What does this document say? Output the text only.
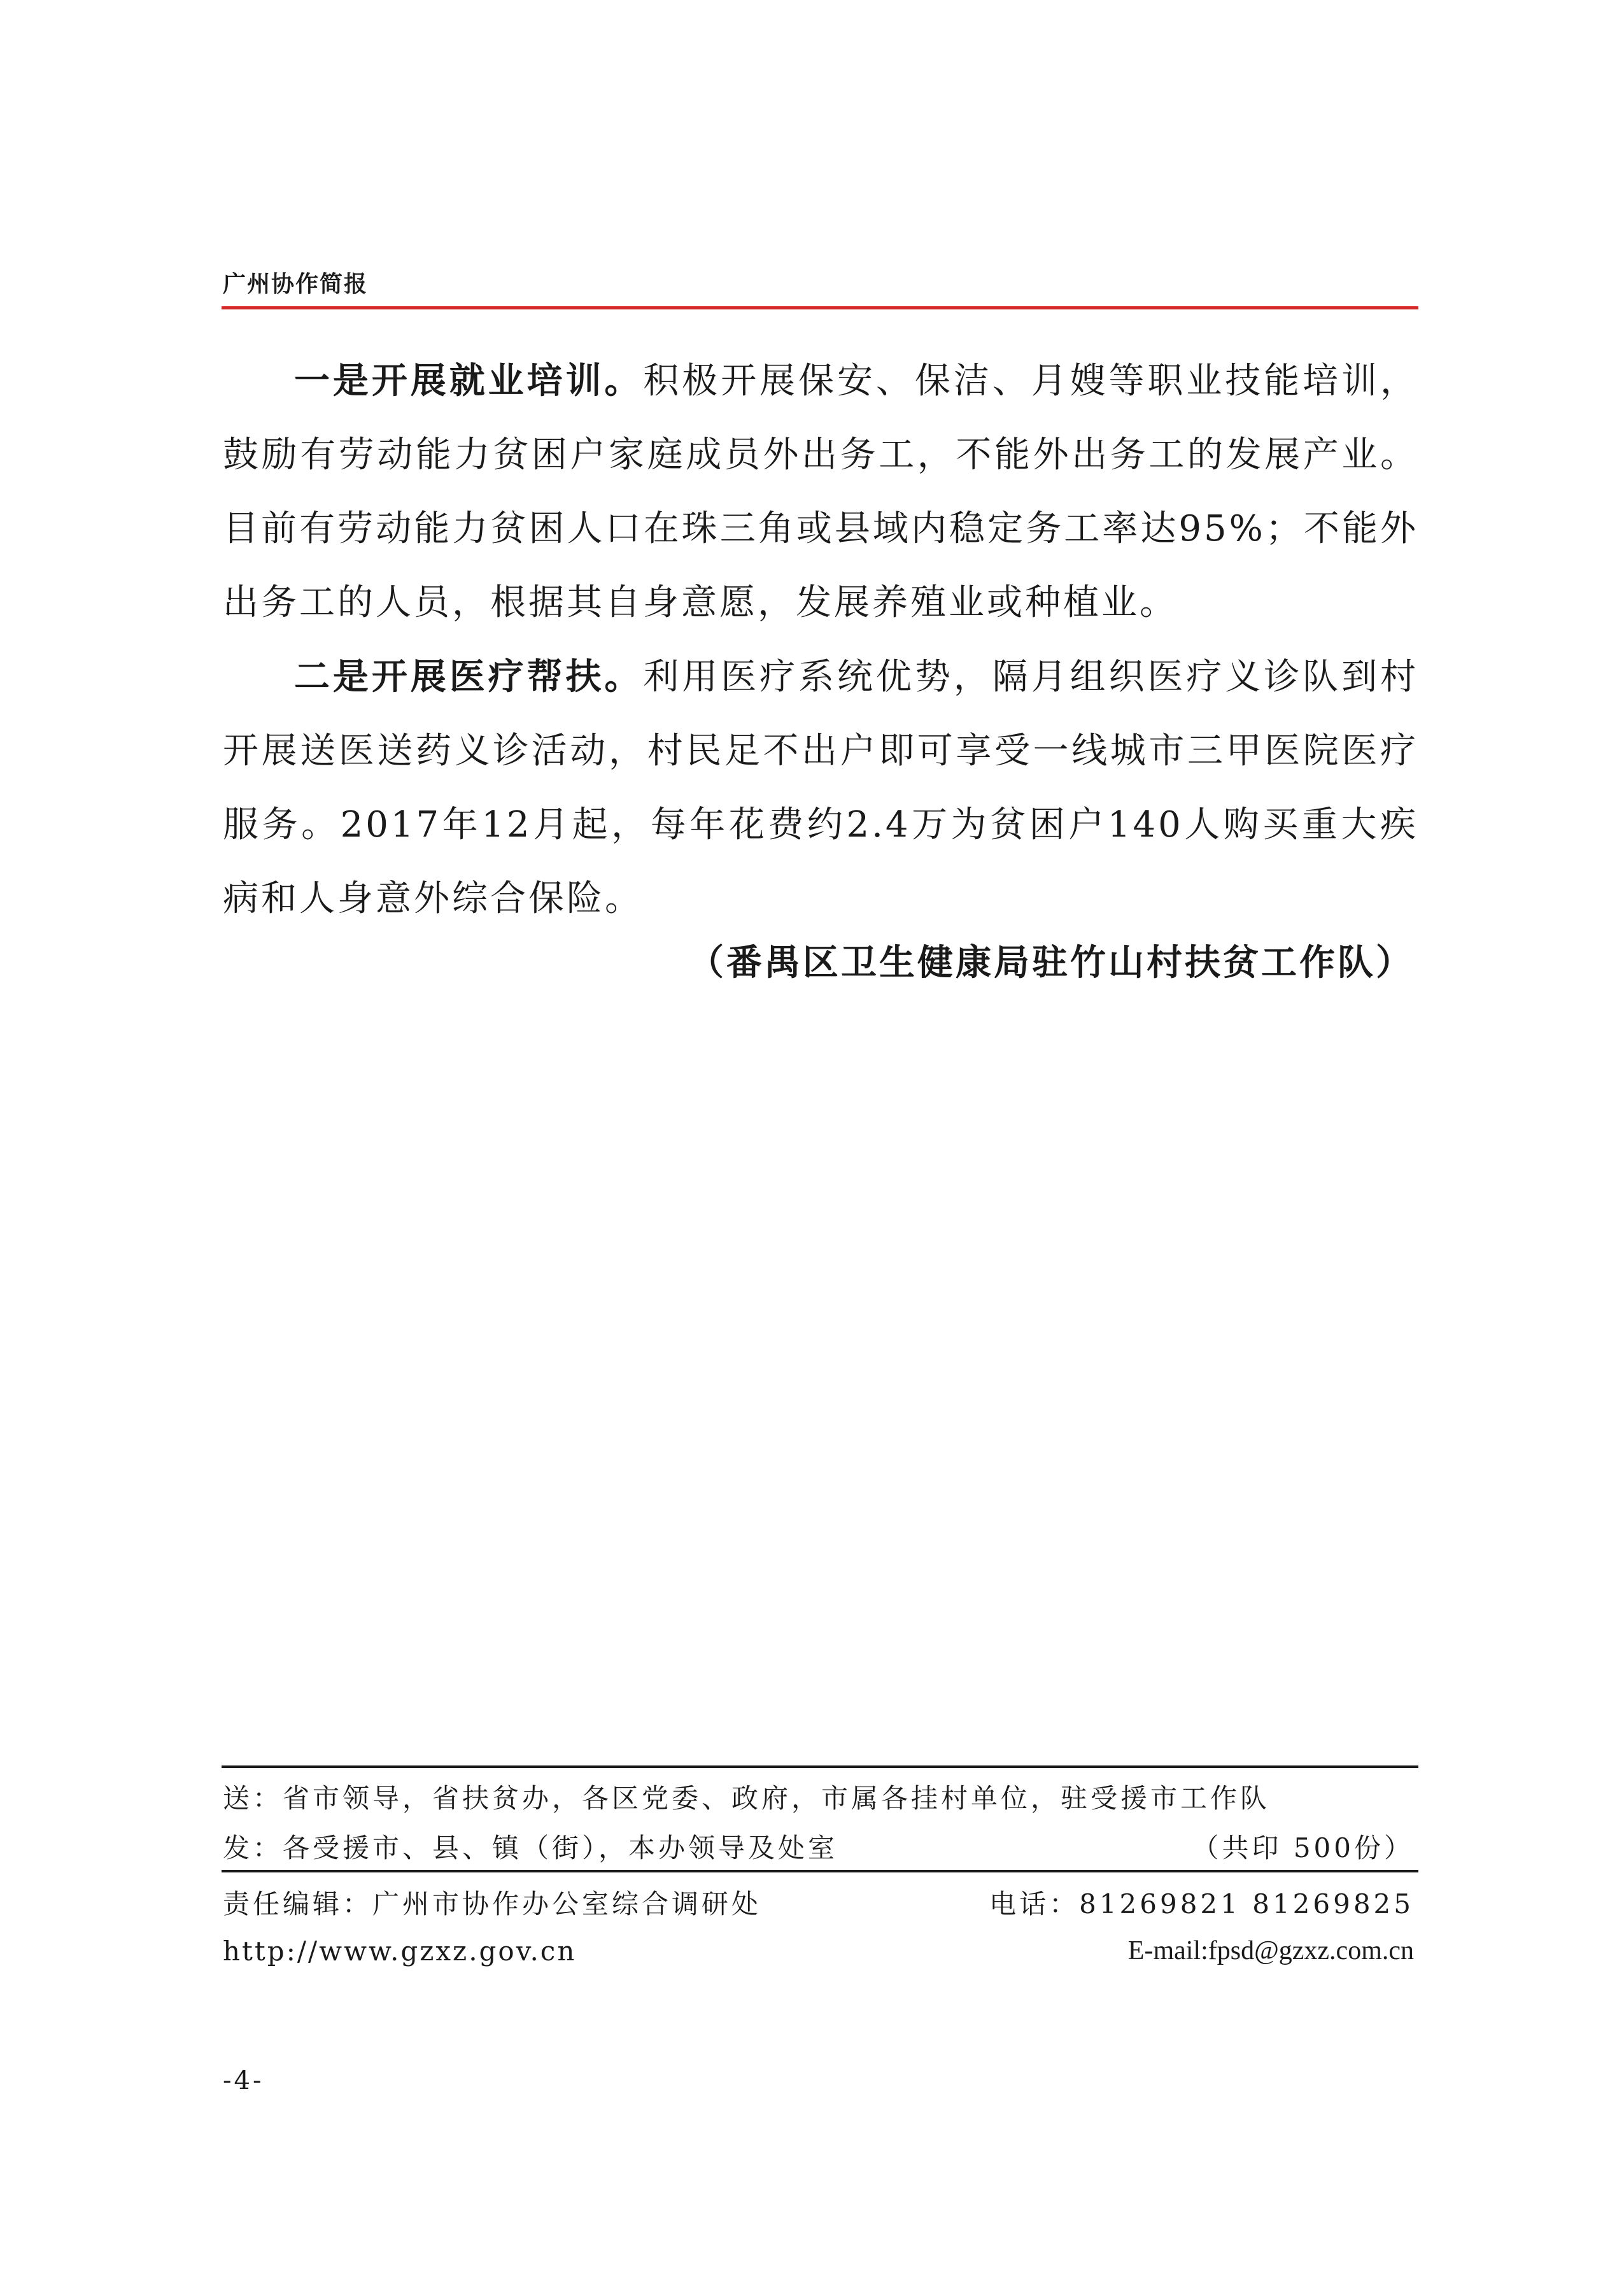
广州协作简报

一是开展就业培训。积极开展保安、保洁、月嫂等职业技能培训，鼓励有劳动能力贫困户家庭成员外出务工，不能外出务工的发展产业。目前有劳动能力贫困人口在珠三角或县域内稳定务工率达95%；不能外出务工的人员，根据其自身意愿，发展养殖业或种植业。

二是开展医疗帮扶。利用医疗系统优势，隔月组织医疗义诊队到村开展送医送药义诊活动，村民足不出户即可享受一线城市三甲医院医疗服务。2017年12月起，每年花费约2.4万为贫困户140人购买重大疾病和人身意外综合保险。

（番禺区卫生健康局驻竹山村扶贫工作队）
送：省市领导，省扶贫办，各区党委、政府，市属各挂村单位，驻受援市工作队
发：各受援市、县、镇（街），本办领导及处室	（共印 500份）
责任编辑：广州市协作办公室综合调研处	电话：81269821 81269825
http://www.gzxz.gov.cn	E-mail:fpsd@gzxz.com.cn
-4-
